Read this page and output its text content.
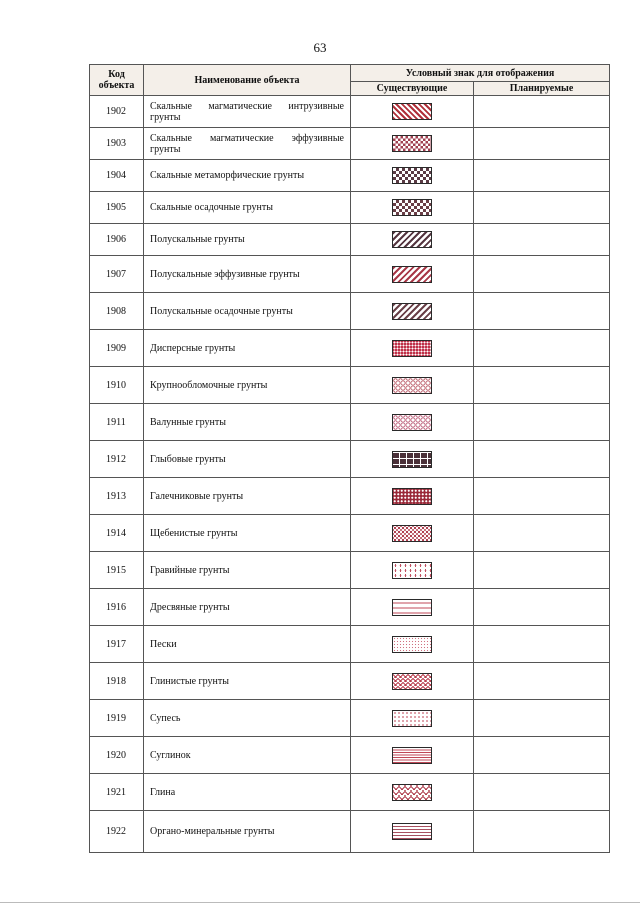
63
Код объекта	Наименование объекта	Условный знак для отображения	
		Существующие	Планируемые
1902	Скальные магматические интрузивные грунты		
1903	Скальные магматические эффузивные грунты		
1904	Скальные метаморфические грунты		
1905	Скальные осадочные грунты		
1906	Полускальные грунты		
1907	Полускальные эффузивные грунты		
1908	Полускальные осадочные грунты		
1909	Дисперсные грунты		
1910	Крупнообломочные грунты		
1911	Валунные грунты		
1912	Глыбовые грунты		
1913	Галечниковые грунты		
1914	Щебенистые грунты		
1915	Гравийные грунты		
1916	Дресвяные грунты		
1917	Пески		
1918	Глинистые грунты		
1919	Супесь		
1920	Суглинок		
1921	Глина		
1922	Органо-минеральные грунты		
